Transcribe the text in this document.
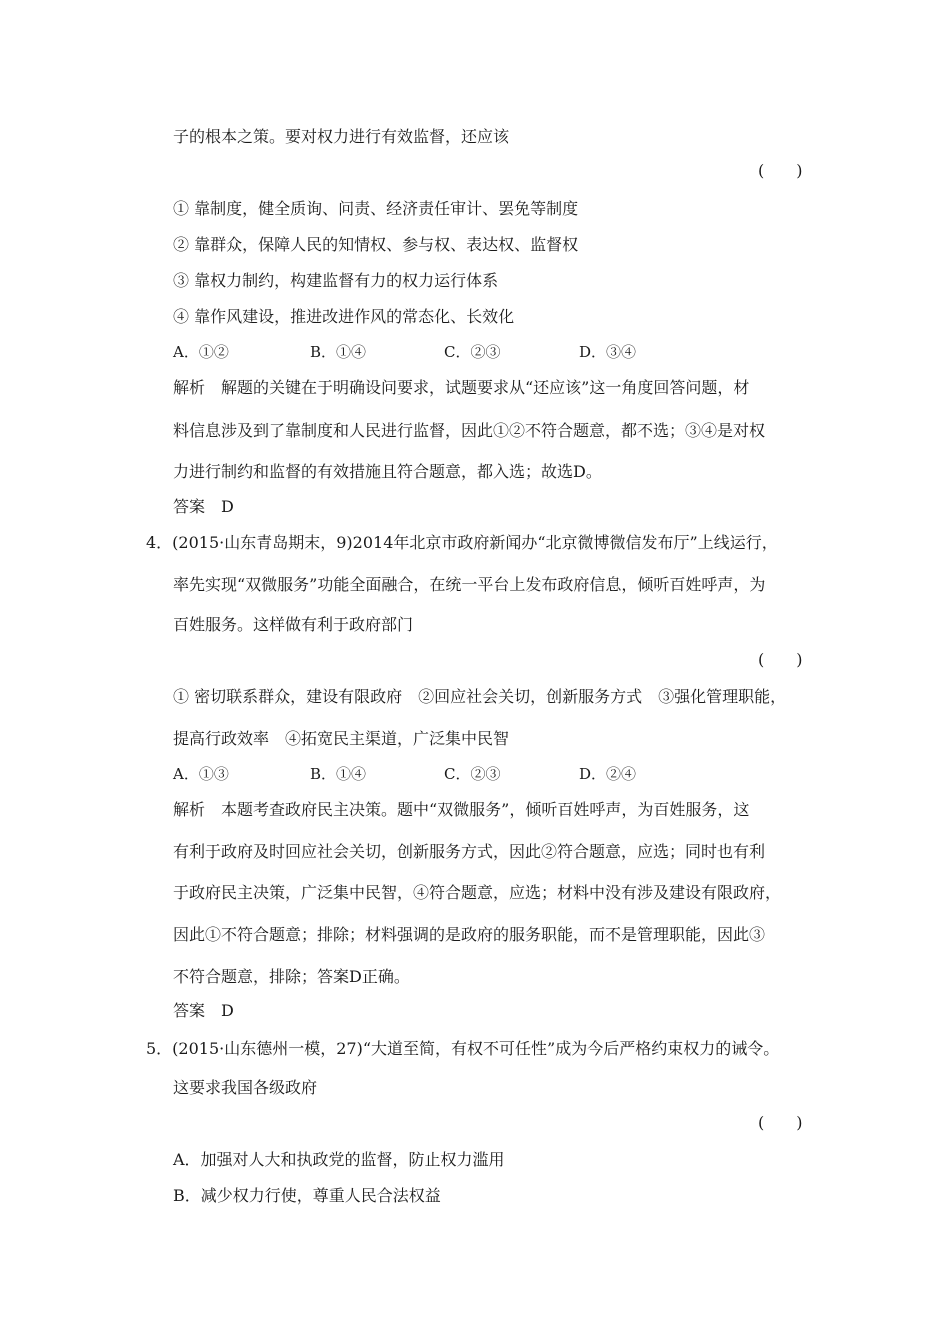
子的根本之策。要对权力进行有效监督，还应该
(　　)
① 靠制度，健全质询、问责、经济责任审计、罢免等制度
② 靠群众，保障人民的知情权、参与权、表达权、监督权
③ 靠权力制约，构建监督有力的权力运行体系
④ 靠作风建设，推进改进作风的常态化、长效化
A．①②	B．①④	C．②③	D．③④
解析　解题的关键在于明确设问要求，试题要求从“还应该”这一角度回答问题，材
料信息涉及到了靠制度和人民进行监督，因此①②不符合题意，都不选；③④是对权
力进行制约和监督的有效措施且符合题意，都入选；故选D。
答案　D
4．(2015·山东青岛期末，9)2014年北京市政府新闻办“北京微博微信发布厅”上线运行，
率先实现“双微服务”功能全面融合，在统一平台上发布政府信息，倾听百姓呼声，为
百姓服务。这样做有利于政府部门
(　　)
① 密切联系群众，建设有限政府　②回应社会关切，创新服务方式　③强化管理职能，
提高行政效率　④拓宽民主渠道，广泛集中民智
A．①③	B．①④	C．②③	D．②④
解析　本题考查政府民主决策。题中“双微服务”，倾听百姓呼声，为百姓服务，这
有利于政府及时回应社会关切，创新服务方式，因此②符合题意，应选；同时也有利
于政府民主决策，广泛集中民智，④符合题意，应选；材料中没有涉及建设有限政府，
因此①不符合题意；排除；材料强调的是政府的服务职能，而不是管理职能，因此③
不符合题意，排除；答案D正确。
答案　D
5．(2015·山东德州一模，27)“大道至简，有权不可任性”成为今后严格约束权力的诫令。
这要求我国各级政府
(　　)
A．加强对人大和执政党的监督，防止权力滥用
B．减少权力行使，尊重人民合法权益
